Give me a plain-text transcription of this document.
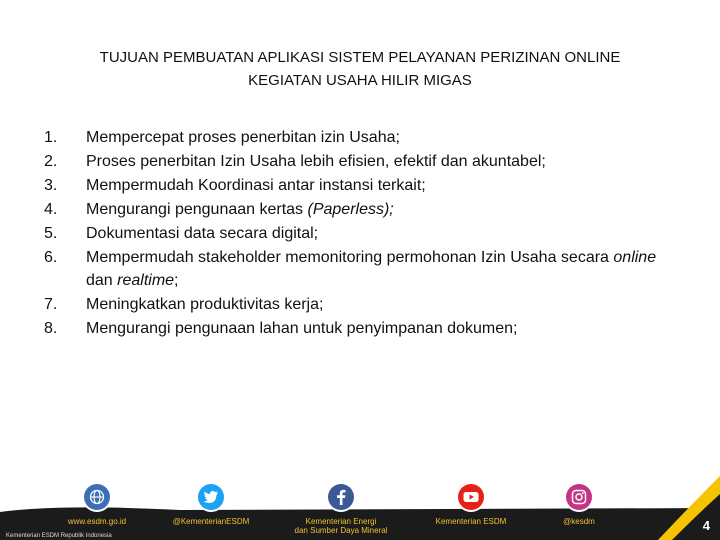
TUJUAN PEMBUATAN APLIKASI SISTEM PELAYANAN PERIZINAN ONLINE
KEGIATAN USAHA HILIR MIGAS
1.	Mempercepat proses penerbitan izin Usaha;
2.	Proses penerbitan Izin Usaha lebih efisien, efektif dan akuntabel;
3.	Mempermudah Koordinasi antar instansi terkait;
4.	Mengurangi pengunaan kertas (Paperless);
5.	Dokumentasi data secara digital;
6.	Mempermudah stakeholder memonitoring permohonan Izin Usaha secara online dan realtime;
7.	Meningkatkan produktivitas kerja;
8.	Mengurangi pengunaan lahan untuk penyimpanan dokumen;
www.esdm.go.id	@KementerianESDM	Kementerian Energi
dan Sumber Daya Mineral
Kementerian ESDM	@kesdm
Kementerian ESDM Republik Indonesia
4
